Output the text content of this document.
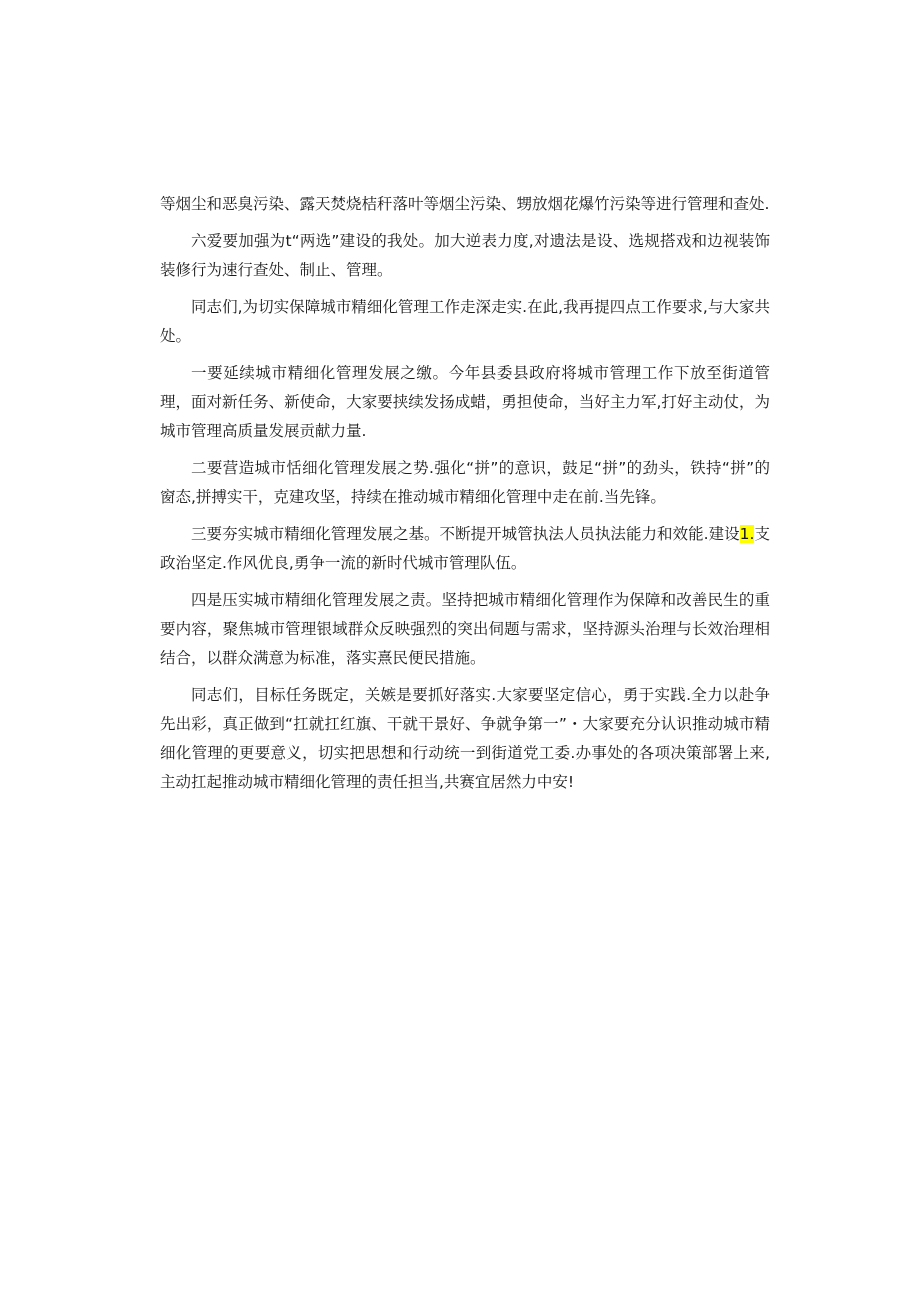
等烟尘和恶臭污染、露天焚烧桔秆落叶等烟尘污染、甥放烟花爆竹污染等进行管理和查处.

六爱要加强为t“两选”建设的我处。加大逆表力度,对遗法是设、选规搭戏和边视装饰装修行为速行查处、制止、管理。

同志们,为切实保障城市精细化管理工作走深走实.在此,我再提四点工作要求,与大家共处。

一要延续城市精细化管理发展之缴。今年县委县政府将城市管理工作下放至街道管理，面对新任务、新使命，大家要挟续发扬成蜡，勇担使命，当好主力军,打好主动仗，为城市管理高质量发展贡献力量.

二要营造城市恬细化管理发展之势.强化“拼”的意识，鼓足“拼”的劲头，铁持“拼”的窗态,拼搏实干，克建攻坚，持续在推动城市精细化管理中走在前.当先锋。

三要夯实城市精细化管理发展之基。不断提开城管执法人员执法能力和效能.建设1.支政治坚定.作风优良,勇争一流的新时代城市管理队伍。

四是压实城市精细化管理发展之责。坚持把城市精细化管理作为保障和改善民生的重要内容，聚焦城市管理银域群众反映强烈的突出伺题与需求，坚持源头治理与长效治理相结合，以群众满意为标准，落实熹民便民措施。

同志们，目标任务既定，关嫉是要抓好落实.大家要坚定信心，勇于实践.全力以赴争先出彩，真正做到“扛就扛红旗、干就干景好、争就争第一”・大家要充分认识推动城市精细化管理的更要意义，切实把思想和行动统一到街道党工委.办事处的各项决策部署上来,主动扛起推动城市精细化管理的责任担当,共赛宜居然力中安!
